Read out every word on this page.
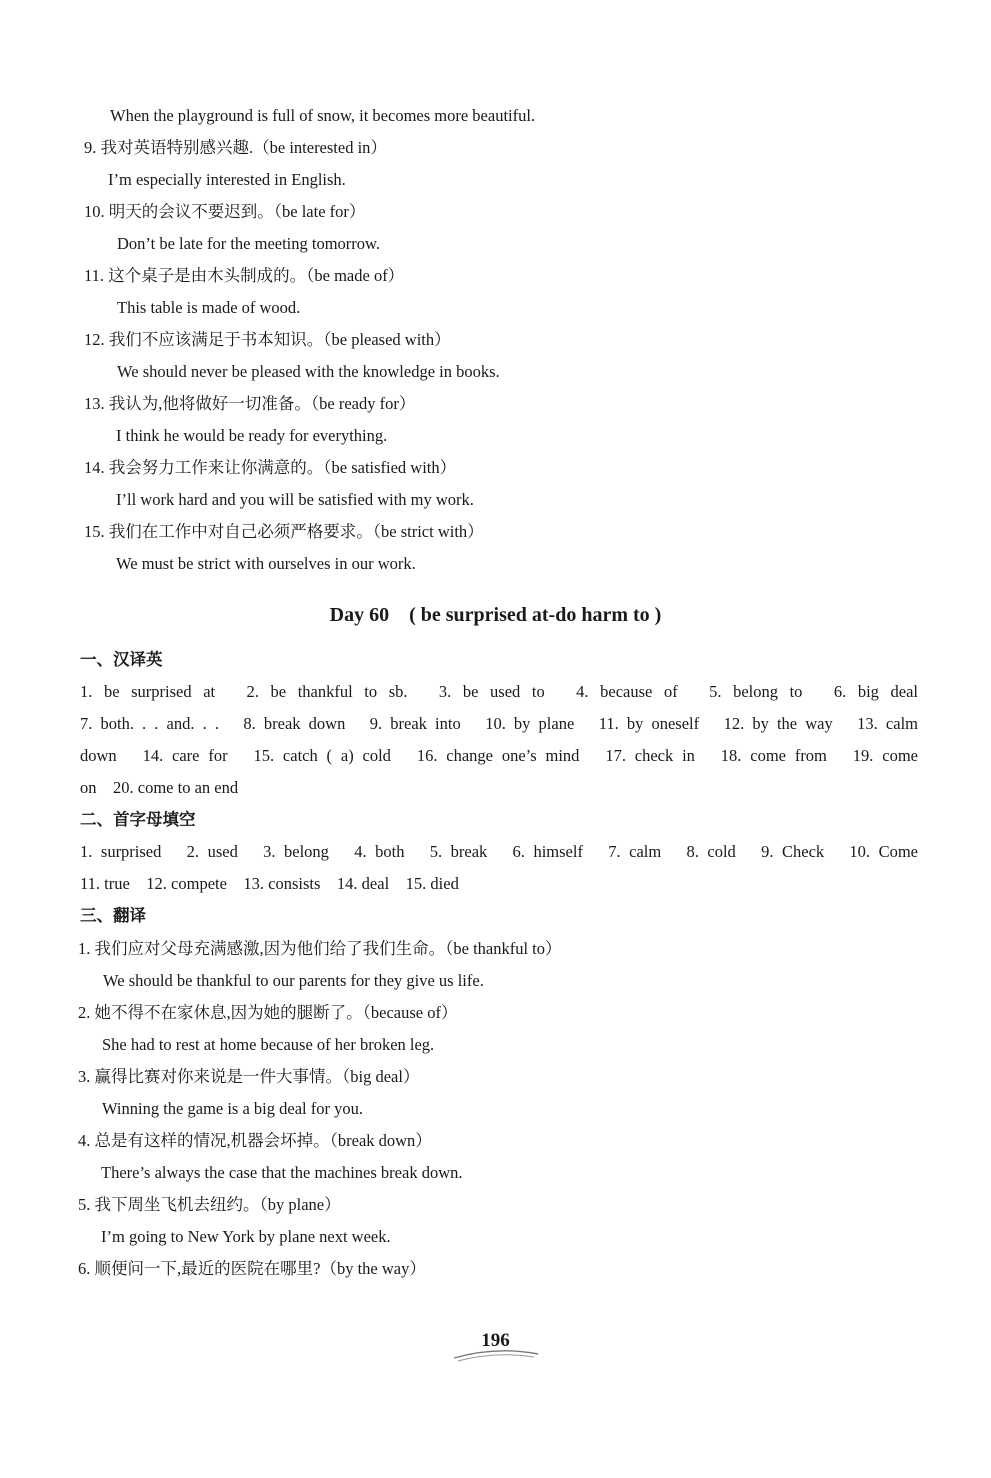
When the playground is full of snow, it becomes more beautiful.
9. 我对英语特别感兴趣.（be interested in）
I’m especially interested in English.
10. 明天的会议不要迟到。（be late for）
Don’t be late for the meeting tomorrow.
11. 这个桌子是由木头制成的。（be made of）
This table is made of wood.
12. 我们不应该满足于书本知识。（be pleased with）
We should never be pleased with the knowledge in books.
13. 我认为,他将做好一切准备。（be ready for）
I think he would be ready for everything.
14. 我会努力工作来让你满意的。（be satisfied with）
I’ll work hard and you will be satisfied with my work.
15. 我们在工作中对自己必须严格要求。（be strict with）
We must be strict with ourselves in our work.
Day 60　( be surprised at-do harm to )
一、汉译英
1. be surprised at　2. be thankful to sb.　3. be used to　4. because of　5. belong to　6. big deal
7. both. . . and. . .　8. break down　9. break into　10. by plane　11. by oneself　12. by the way　13. calm
down　14. care for　15. catch ( a) cold　16. change one’s mind　17. check in　18. come from　19. come
on　20. come to an end
二、首字母填空
1. surprised　2. used　3. belong　4. both　5. break　6. himself　7. calm　8. cold　9. Check　10. Come
11. true　12. compete　13. consists　14. deal　15. died
三、翻译
1. 我们应对父母充满感激,因为他们给了我们生命。（be thankful to）
We should be thankful to our parents for they give us life.
2. 她不得不在家休息,因为她的腿断了。（because of）
She had to rest at home because of her broken leg.
3. 赢得比赛对你来说是一件大事情。（big deal）
Winning the game is a big deal for you.
4. 总是有这样的情况,机器会坏掉。（break down）
There’s always the case that the machines break down.
5. 我下周坐飞机去纽约。（by plane）
I’m going to New York by plane next week.
6. 顺便问一下,最近的医院在哪里?（by the way）
196
